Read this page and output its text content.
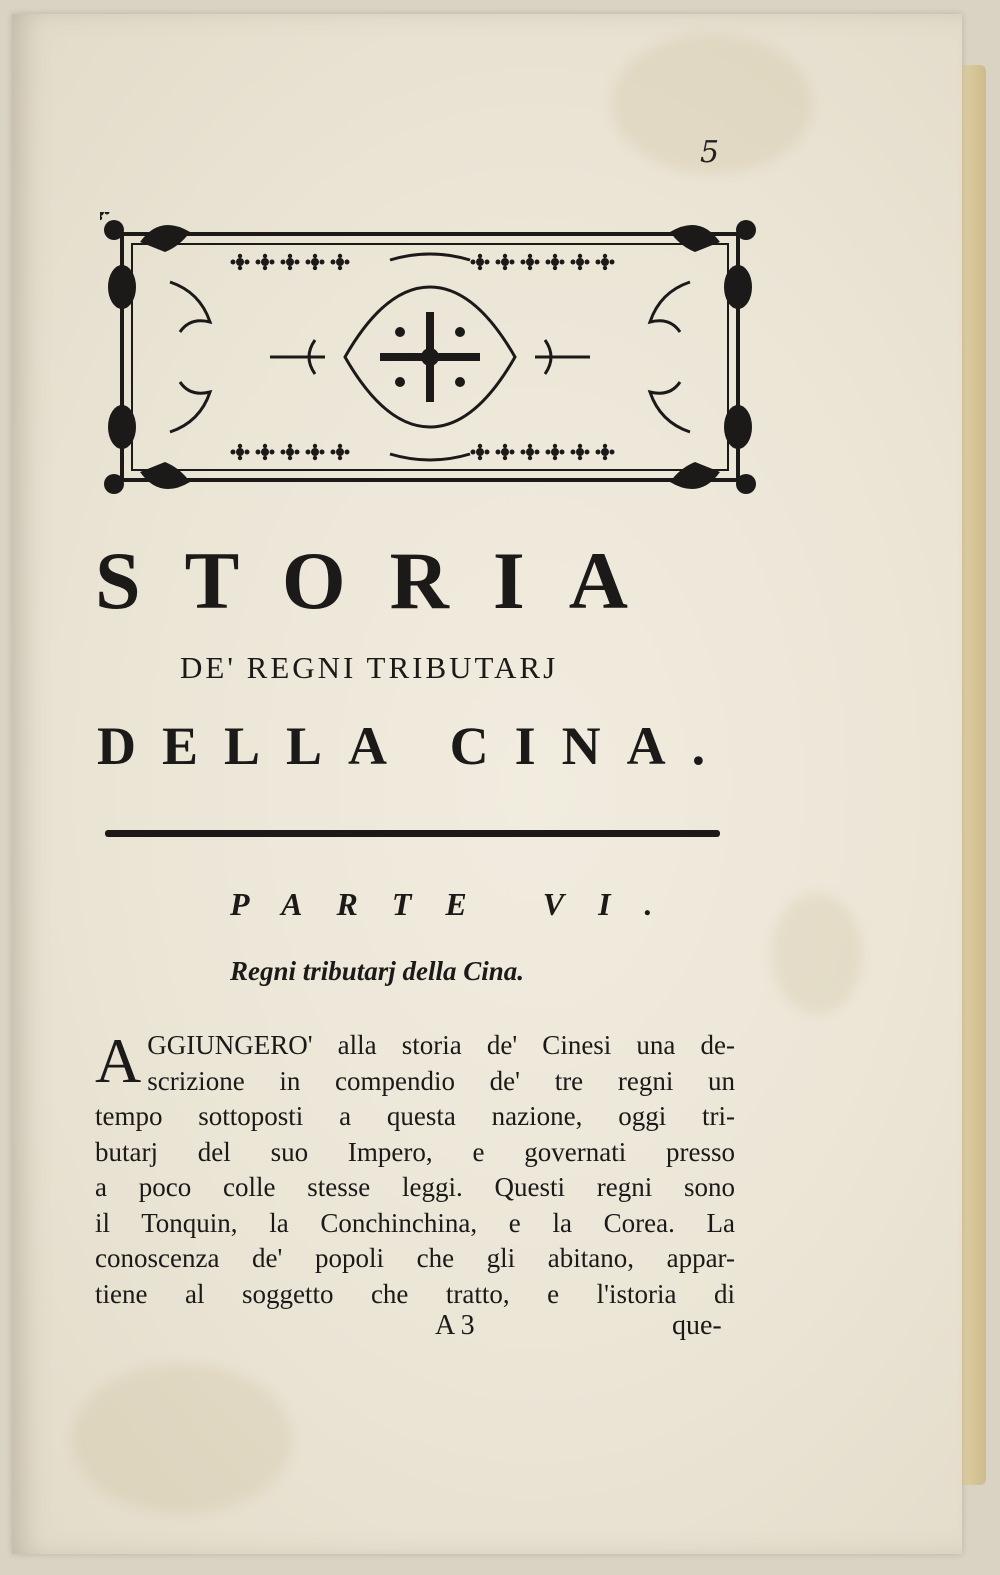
5
STORIA
DE' REGNI TRIBUTARJ
DELLA CINA.
PARTE VI.
Regni tributarj della Cina.
A GGIUNGERO' alla storia de' Cinesi una de-
scrizione in compendio de' tre regni un
tempo sottoposti a questa nazione, oggi tri-
butarj del suo Impero, e governati presso
a poco colle stesse leggi. Questi regni sono
il Tonquin, la Conchinchina, e la Corea. La
conoscenza de' popoli che gli abitano, appar-
tiene al soggetto che tratto, e l'istoria di
A 3	que-
